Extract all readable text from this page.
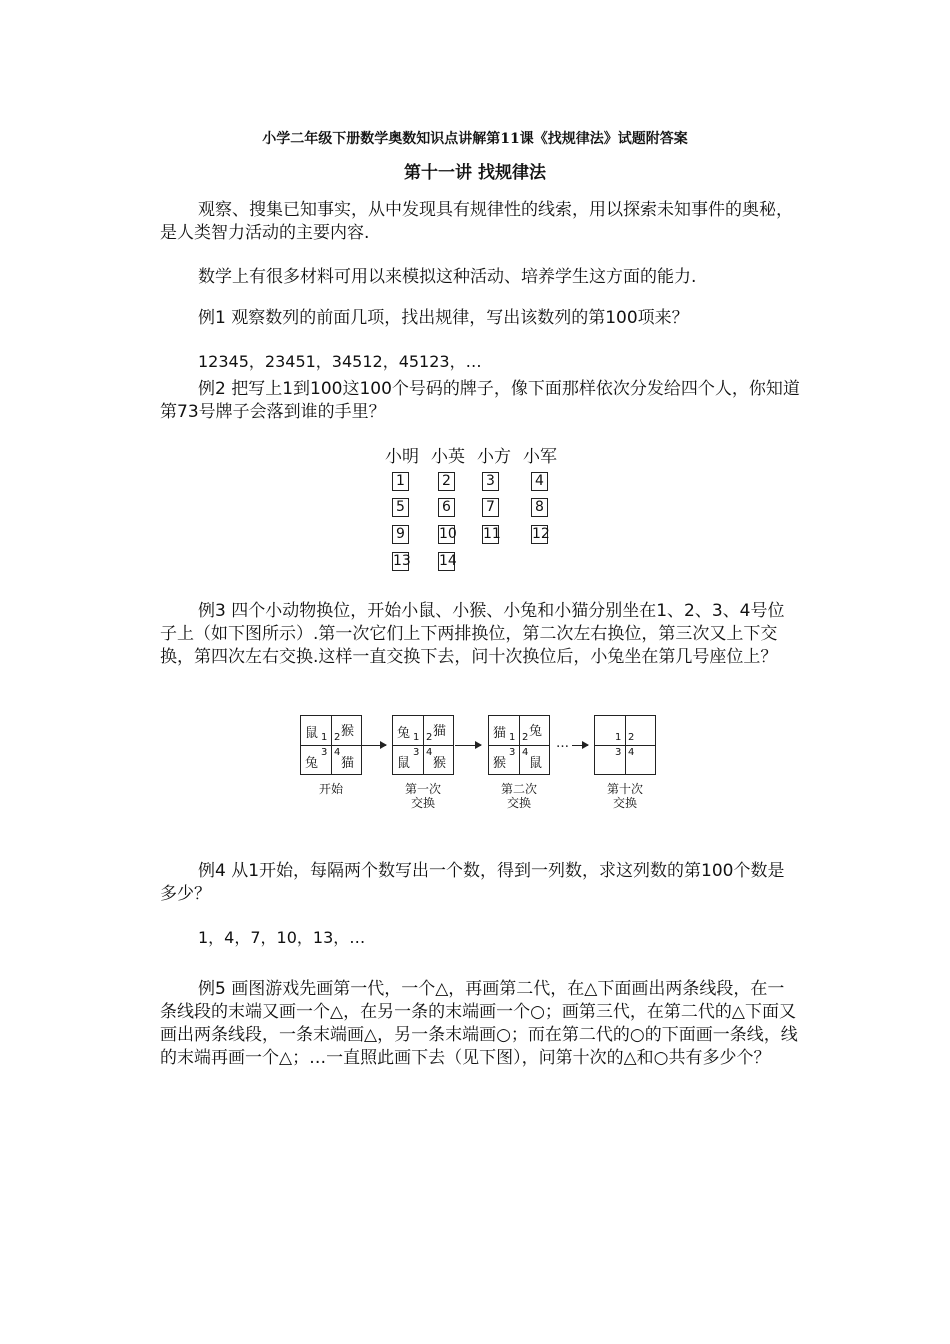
小学二年级下册数学奥数知识点讲解第11课《找规律法》试题附答案
第十一讲 找规律法
观察、搜集已知事实，从中发现具有规律性的线索，用以探索未知事件的奥秘，是人类智力活动的主要内容.
数学上有很多材料可用以来模拟这种活动、培养学生这方面的能力.
例1 观察数列的前面几项，找出规律，写出该数列的第100项来？
12345，23451，34512，45123，…
例2 把写上1到100这100个号码的牌子，像下面那样依次分发给四个人，你知道第73号牌子会落到谁的手里？
小明 小英 小方 小军
1	2	3	4
5	6	7	8
9 10 11 12
13 14
例3 四个小动物换位，开始小鼠、小猴、小兔和小猫分别坐在1、2、3、4号位子上（如下图所示）.第一次它们上下两排换位，第二次左右换位，第三次又上下交换，第四次左右交换.这样一直交换下去，问十次换位后，小兔坐在第几号座位上？
…
鼠 猴
兔 猫
1 2
3 4
开始
兔 猫
鼠 猴
1 2
3 4
第一次
交换
猫 兔
猴 鼠
1 2
3 4
第二次
交换
1 2
3 4
第十次
交换
例4 从1开始，每隔两个数写出一个数，得到一列数，求这列数的第100个数是多少？
1，4，7，10，13，…
例5 画图游戏先画第一代，一个△，再画第二代，在△下面画出两条线段，在一条线段的末端又画一个△，在另一条的末端画一个○；画第三代，在第二代的△下面又画出两条线段，一条末端画△，另一条末端画○；而在第二代的○的下面画一条线，线的末端再画一个△；…一直照此画下去（见下图），问第十次的△和○共有多少个？
